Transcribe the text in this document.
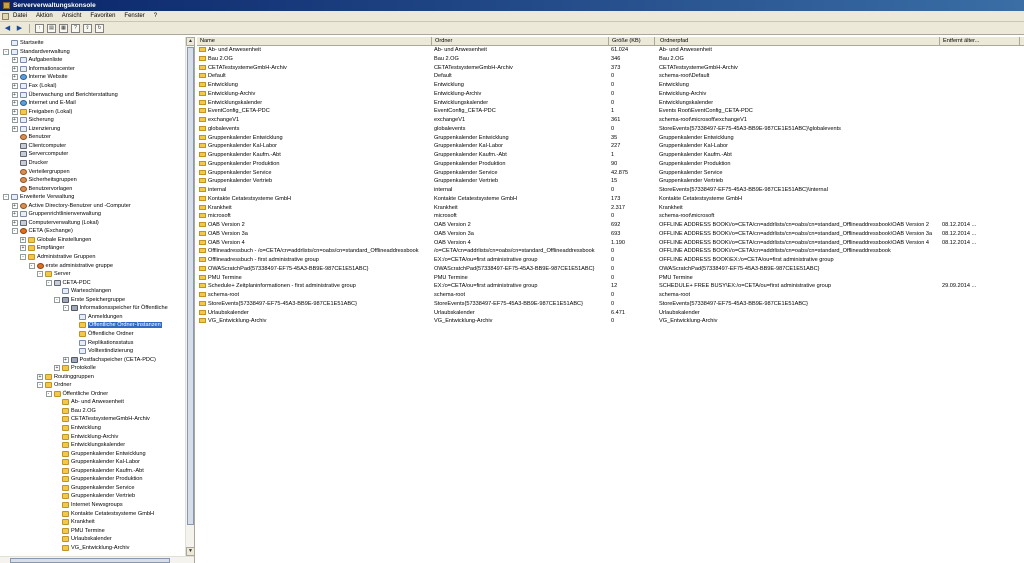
Serververwaltungskonsole
Datei Aktion Ansicht Favoriten Fenster ?
◀ ▶	↑	▤	▦	?	⇪	↻
Startseite
-	Standardverwaltung
+ Aufgabenliste
+ Informationscenter
+ Interne Website
+ Fax (Lokal)
+ Überwachung und Berichterstattung
+ Internet und E-Mail
+ Freigaben (Lokal)
+ Sicherung
+ Lizenzierung
Benutzer
Clientcomputer
Servercomputer
Drucker
Verteilergruppen
Sicherheitsgruppen
Benutzervorlagen
-	Erweiterte Verwaltung
+ Active Directory-Benutzer und -Computer
+ Gruppenrichtlinienverwaltung
+ Computerverwaltung (Lokal)
-	CETA (Exchange)
+ Globale Einstellungen
+ Empfänger
-	Administrative Gruppen
-	erste administrative gruppe
-	Server
-	CETA-PDC
Warteschlangen
-	Erste Speichergruppe
-	Informationsspeicher für Öffentliche
Anmeldungen
Öffentliche Ordner-Instanzen
Öffentliche Ordner
Replikationsstatus
Volltextindizierung
+ Postfachspeicher (CETA-PDC)
+ Protokolle
+ Routinggruppen
-	Ordner
-	Öffentliche Ordner
Ab- und Anwesenheit
Bau 2.OG
CETATestsystemeGmbH-Archiv
Entwicklung
Entwicklung-Archiv
Entwicklungskalender
Gruppenkalender Entwicklung
Gruppenkalender Kal-Labor
Gruppenkalender Kaufm.-Abt
Gruppenkalender Produktion
Gruppenkalender Service
Gruppenkalender Vertrieb
Internet Newsgroups
Kontakte Cetatestsysteme GmbH
Krankheit
PMU Termine
Urlaubskalender
VG_Entwicklung-Archiv
▲
▼
Name	Ordner	Größe (KB)	Ordnerpfad	Entfernt älter...
Ab- und Anwesenheit	Ab- und Anwesenheit	61.024	Ab- und Anwesenheit
Bau 2.OG	Bau 2.OG	346	Bau 2.OG
CETATestsystemeGmbH-Archiv	CETATestsystemeGmbH-Archiv	373	CETATestsystemeGmbH-Archiv
Default	Default	0	schema-root\Default
Entwicklung	Entwicklung	0	Entwicklung
Entwicklung-Archiv	Entwicklung-Archiv	0	Entwicklung-Archiv
Entwicklungskalender	Entwicklungskalender	0	Entwicklungskalender
EventConfig_CETA-PDC	EventConfig_CETA-PDC	1	Events Root\EventConfig_CETA-PDC
exchangeV1	exchangeV1	361	schema-root\microsoft\exchangeV1
globalevents	globalevents	0	StoreEvents{57338497-EF75-45A3-BB9E-987CE1E51ABC}\globalevents
Gruppenkalender Entwicklung	Gruppenkalender Entwicklung	35	Gruppenkalender Entwicklung
Gruppenkalender Kal-Labor	Gruppenkalender Kal-Labor	227	Gruppenkalender Kal-Labor
Gruppenkalender Kaufm.-Abt	Gruppenkalender Kaufm.-Abt	1	Gruppenkalender Kaufm.-Abt
Gruppenkalender Produktion	Gruppenkalender Produktion	90	Gruppenkalender Produktion
Gruppenkalender Service	Gruppenkalender Service	42.875	Gruppenkalender Service
Gruppenkalender Vertrieb	Gruppenkalender Vertrieb	15	Gruppenkalender Vertrieb
internal	internal	0	StoreEvents{57338497-EF75-45A3-BB9E-987CE1E51ABC}\internal
Kontakte Cetatestsysteme GmbH	Kontakte Cetatestsysteme GmbH	173	Kontakte Cetatestsysteme GmbH
Krankheit	Krankheit	2.317	Krankheit
microsoft	microsoft	0	schema-root\microsoft
OAB Version 2	OAB Version 2	692	OFFLINE ADDRESS BOOK\/o=CETA/cn=addrlists/cn=oabs/cn=standard_Offlineaddressbook\OAB Version 2	08.12.2014 ...
OAB Version 3a	OAB Version 3a	693	OFFLINE ADDRESS BOOK\/o=CETA/cn=addrlists/cn=oabs/cn=standard_Offlineaddressbook\OAB Version 3a	08.12.2014 ...
OAB Version 4	OAB Version 4	1.190	OFFLINE ADDRESS BOOK\/o=CETA/cn=addrlists/cn=oabs/cn=standard_Offlineaddressbook\OAB Version 4	08.12.2014 ...
Offlineadressbuch - /o=CETA/cn=addrlists/cn=oabs/cn=standard_Offlineaddressbook	/o=CETA/cn=addrlists/cn=oabs/cn=standard_Offlineaddressbook	0	OFFLINE ADDRESS BOOK\/o=CETA/cn=addrlists/cn=oabs/cn=standard_Offlineaddressbook
Offlineadressbuch - first administrative group	EX:/o=CETA/ou=first administrative group	0	OFFLINE ADDRESS BOOK\EX:/o=CETA/ou=first administrative group
OWAScratchPad{57338497-EF75-45A3-BB9E-987CE1E51ABC}	OWAScratchPad{57338497-EF75-45A3-BB9E-987CE1E51ABC}	0	OWAScratchPad{57338497-EF75-45A3-BB9E-987CE1E51ABC}
PMU Termine	PMU Termine	0	PMU Termine
Schedule+ Zeitplaninformationen - first administrative group	EX:/o=CETA/ou=first administrative group	12	SCHEDULE+ FREE BUSY\EX:/o=CETA/ou=first administrative group	29.09.2014 ...
schema-root	schema-root	0	schema-root
StoreEvents{57338497-EF75-45A3-BB9E-987CE1E51ABC}	StoreEvents{57338497-EF75-45A3-BB9E-987CE1E51ABC}	0	StoreEvents{57338497-EF75-45A3-BB9E-987CE1E51ABC}
Urlaubskalender	Urlaubskalender	6.471	Urlaubskalender
VG_Entwicklung-Archiv	VG_Entwicklung-Archiv	0	VG_Entwicklung-Archiv
